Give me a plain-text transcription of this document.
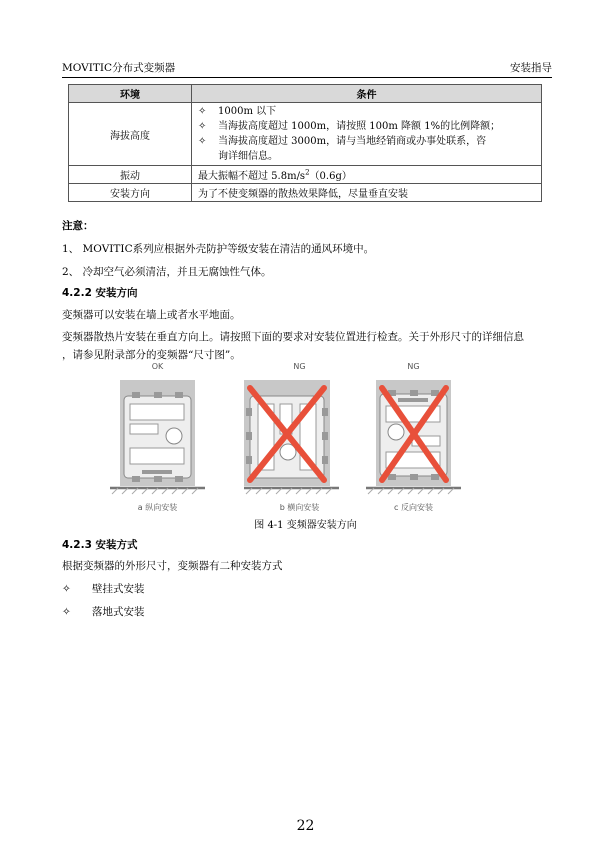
MOVITIC分布式变频器	安装指导
环境	条件
海拔高度	✧ 1000m 以下
✧ 当海拔高度超过 1000m，请按照 100m 降额 1%的比例降额；
✧ 当海拔高度超过 3000m，请与当地经销商或办事处联系，咨
询详细信息。

振动	最大振幅不超过 $5.8m/s^2(0.6g)$
安装方向	为了不使变频器的散热效果降低，尽量垂直安装
注意：
1、 MOVITIC系列应根据外壳防护等级安装在清洁的通风环境中。
2、 冷却空气必须清洁，并且无腐蚀性气体。
4.2.2 安装方向
变频器可以安装在墙上或者水平地面。
变频器散热片安装在垂直方向上。请按照下面的要求对安装位置进行检查。关于外形尺寸的详细信息
，请参见附录部分的变频器“尺寸图”。
OK
a 纵向安装
NG
b 横向安装
NG
c 反向安装
图 4-1 变频器安装方向
4.2.3 安装方式
根据变频器的外形尺寸，变频器有二种安装方式
✧ 壁挂式安装
✧ 落地式安装
22
